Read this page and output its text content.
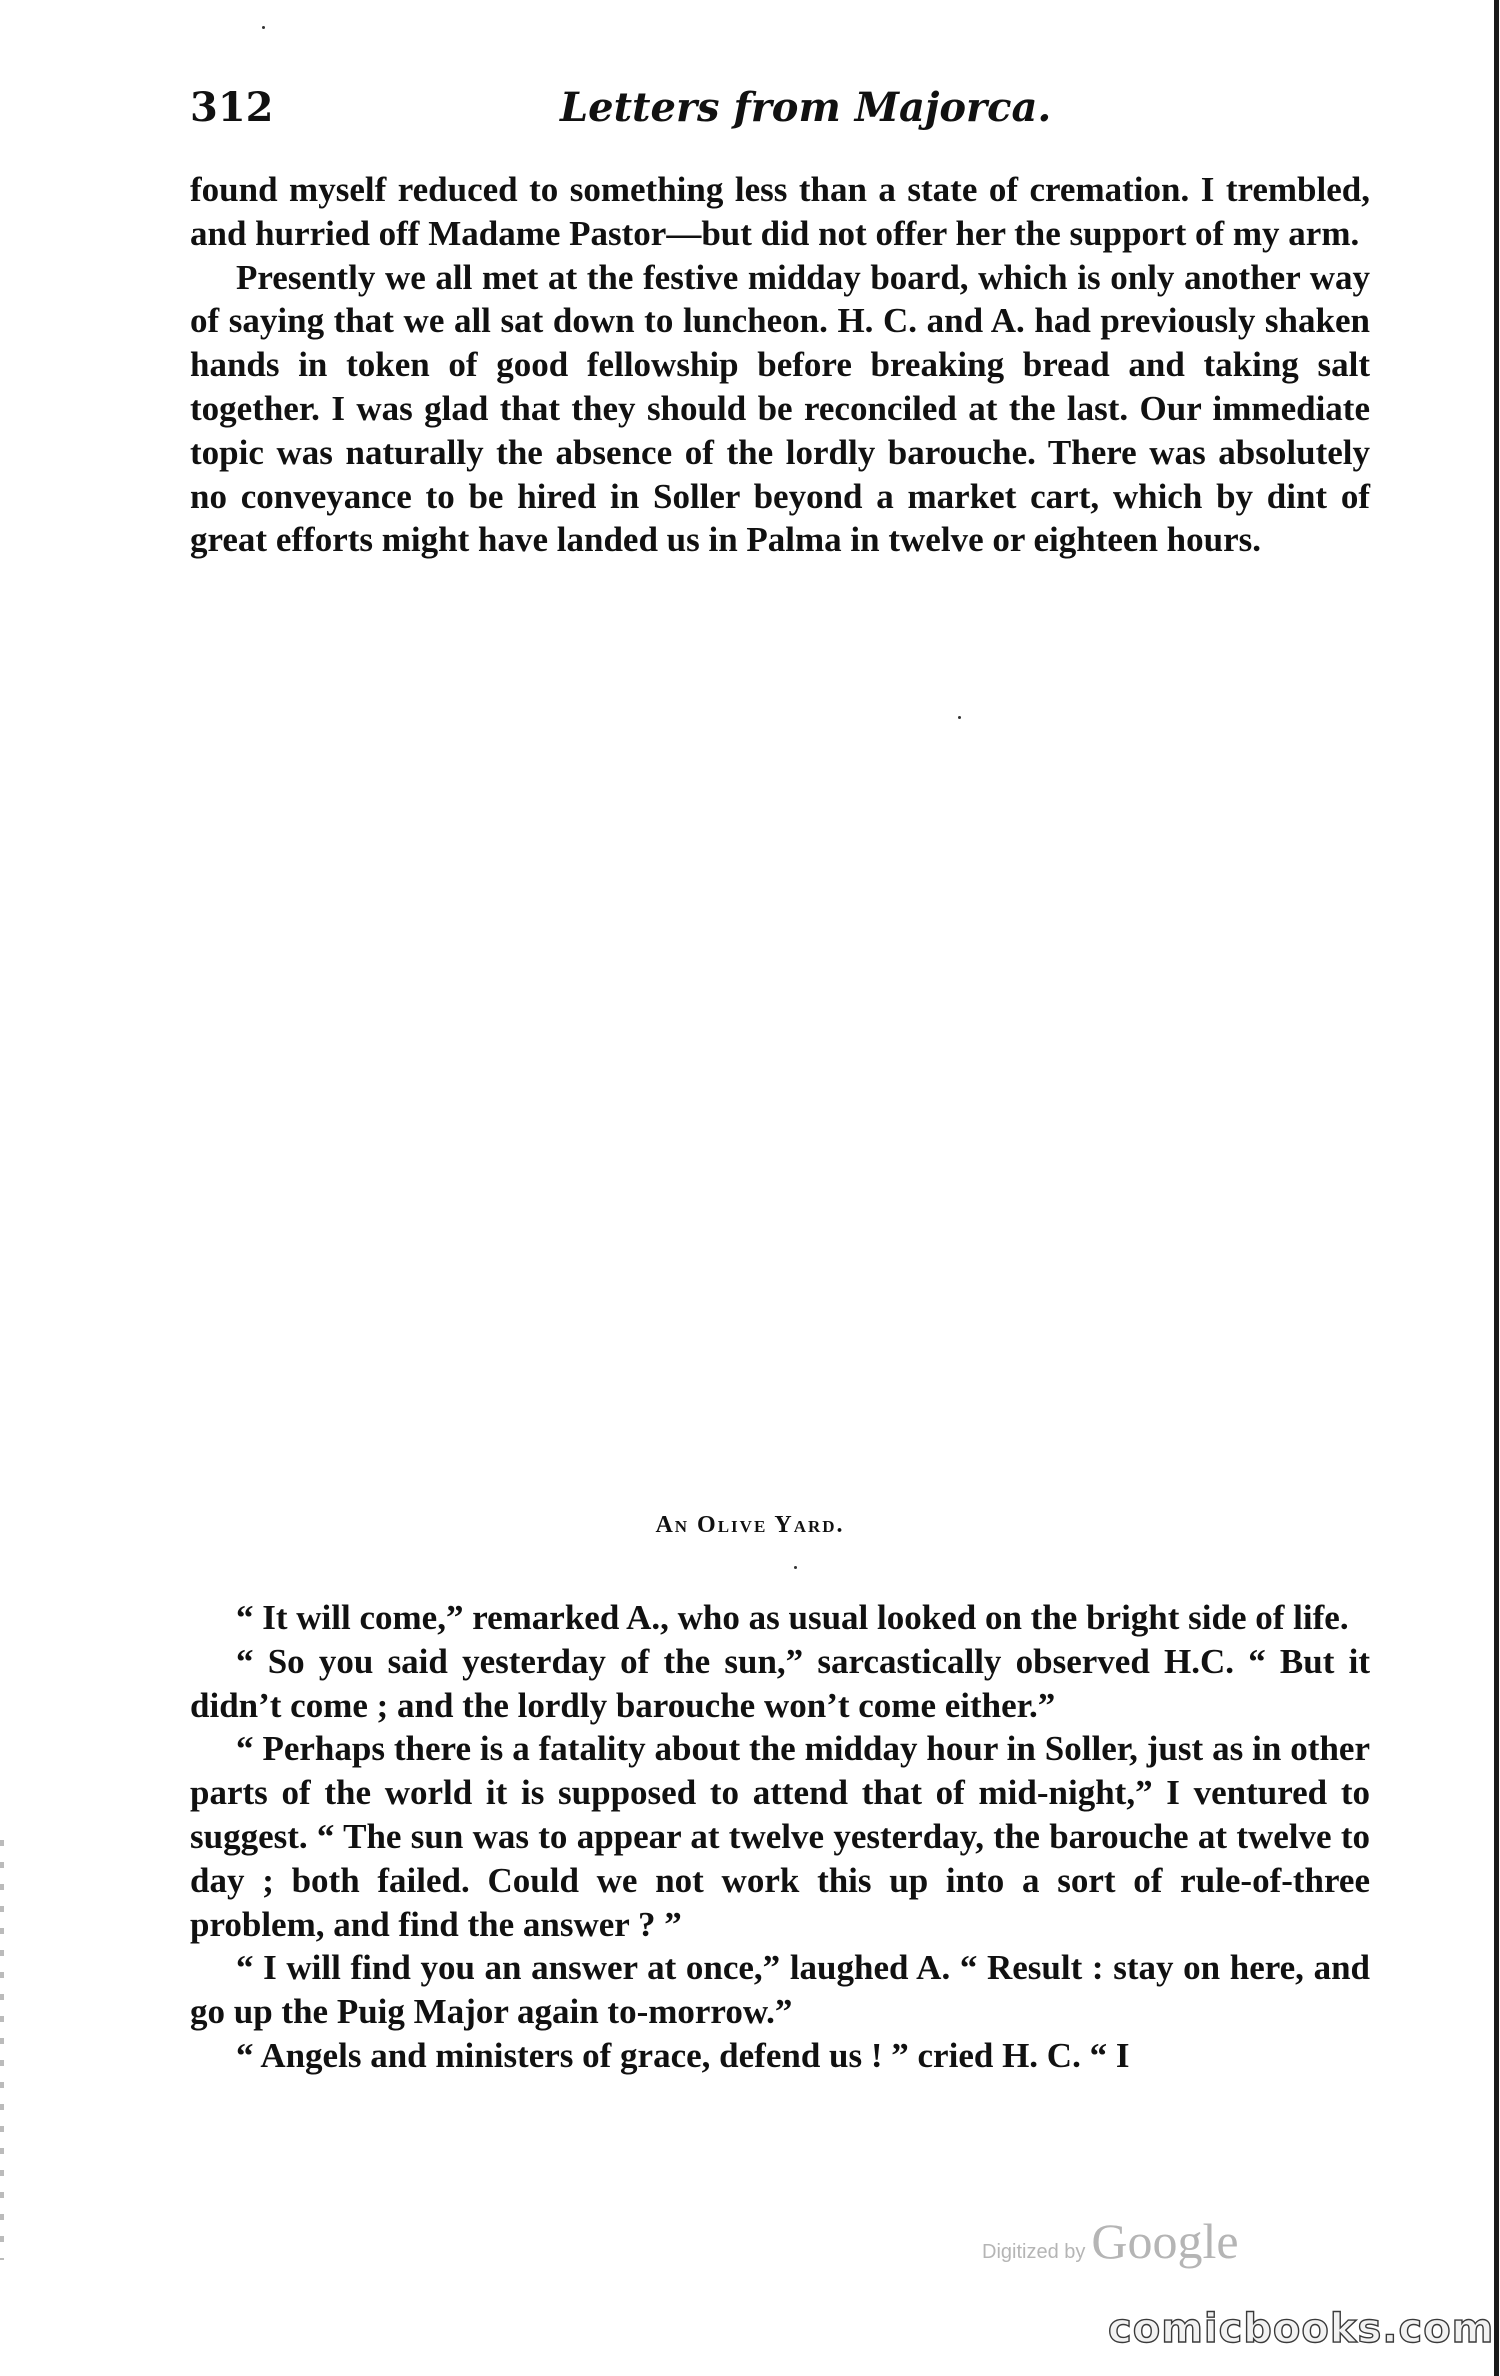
312	Letters from Majorca.

found myself reduced to something less than a state of cremation. I trembled, and hurried off Madame Pastor—but did not offer her the support of my arm.

Presently we all met at the festive midday board, which is only another way of saying that we all sat down to luncheon. H. C. and A. had previously shaken hands in token of good fellowship before breaking bread and taking salt together. I was glad that they should be reconciled at the last. Our immediate topic was naturally the absence of the lordly barouche. There was absolutely no conveyance to be hired in Soller beyond a market cart, which by dint of great efforts might have landed us in Palma in twelve or eighteen hours.

An Olive Yard.

“ It will come,” remarked A., who as usual looked on the bright side of life.

“ So you said yesterday of the sun,” sarcastically observed H.C. “ But it didn’t come ; and the lordly barouche won’t come either.”

“ Perhaps there is a fatality about the midday hour in Soller, just as in other parts of the world it is supposed to attend that of mid-night,” I ventured to suggest. “ The sun was to appear at twelve yesterday, the barouche at twelve to day ; both failed. Could we not work this up into a sort of rule-of-three problem, and find the answer ? ”

“ I will find you an answer at once,” laughed A. “ Result : stay on here, and go up the Puig Major again to-morrow.”

“ Angels and ministers of grace, defend us ! ” cried H. C. “ I

Digitized by Google
comicbooks.com
